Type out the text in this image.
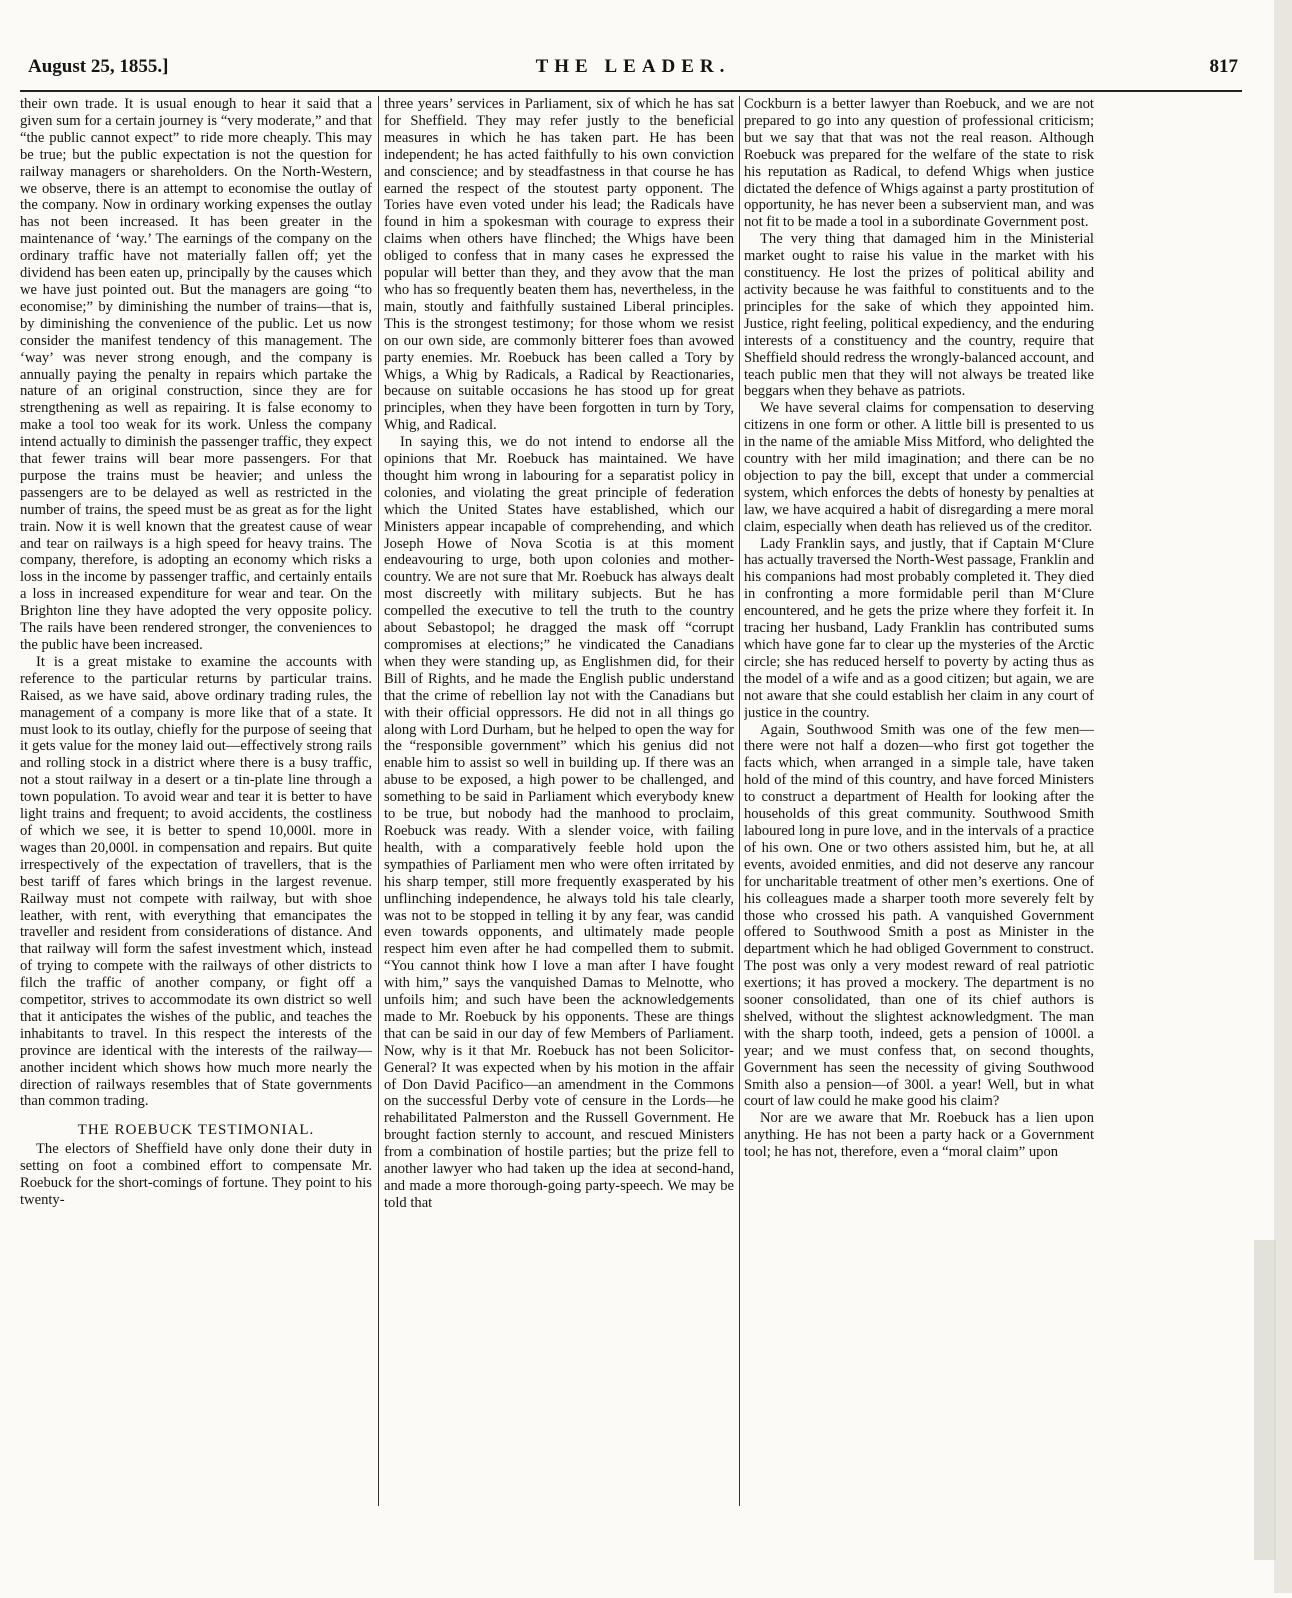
August 25, 1855.]	THE LEADER.	817

their own trade. It is usual enough to hear it said that a given sum for a certain journey is “very moderate,” and that “the public cannot expect” to ride more cheaply. This may be true; but the public expectation is not the question for railway managers or shareholders. On the North-Western, we observe, there is an attempt to economise the outlay of the company. Now in ordinary working expenses the outlay has not been increased. It has been greater in the maintenance of ‘way.’ The earnings of the company on the ordinary traffic have not materially fallen off; yet the dividend has been eaten up, principally by the causes which we have just pointed out. But the managers are going “to economise;” by diminishing the number of trains—that is, by diminishing the convenience of the public. Let us now consider the manifest tendency of this management. The ‘way’ was never strong enough, and the company is annually paying the penalty in repairs which partake the nature of an original construction, since they are for strengthening as well as repairing. It is false economy to make a tool too weak for its work. Unless the company intend actually to diminish the passenger traffic, they expect that fewer trains will bear more passengers. For that purpose the trains must be heavier; and unless the passengers are to be delayed as well as restricted in the number of trains, the speed must be as great as for the light train. Now it is well known that the greatest cause of wear and tear on railways is a high speed for heavy trains. The company, therefore, is adopting an economy which risks a loss in the income by passenger traffic, and certainly entails a loss in increased expenditure for wear and tear. On the Brighton line they have adopted the very opposite policy. The rails have been rendered stronger, the conveniences to the public have been increased.

It is a great mistake to examine the accounts with reference to the particular returns by particular trains. Raised, as we have said, above ordinary trading rules, the management of a company is more like that of a state. It must look to its outlay, chiefly for the purpose of seeing that it gets value for the money laid out—effectively strong rails and rolling stock in a district where there is a busy traffic, not a stout railway in a desert or a tin-plate line through a town population. To avoid wear and tear it is better to have light trains and frequent; to avoid accidents, the costliness of which we see, it is better to spend 10,000l. more in wages than 20,000l. in compensation and repairs. But quite irrespectively of the expectation of travellers, that is the best tariff of fares which brings in the largest revenue. Railway must not compete with railway, but with shoe leather, with rent, with everything that emancipates the traveller and resident from considerations of distance. And that railway will form the safest investment which, instead of trying to compete with the railways of other districts to filch the traffic of another company, or fight off a competitor, strives to accommodate its own district so well that it anticipates the wishes of the public, and teaches the inhabitants to travel. In this respect the interests of the province are identical with the interests of the railway—another incident which shows how much more nearly the direction of railways resembles that of State governments than common trading.

THE ROEBUCK TESTIMONIAL.

The electors of Sheffield have only done their duty in setting on foot a combined effort to compensate Mr. Roebuck for the short-comings of fortune. They point to his twenty-

three years’ services in Parliament, six of which he has sat for Sheffield. They may refer justly to the beneficial measures in which he has taken part. He has been independent; he has acted faithfully to his own conviction and conscience; and by steadfastness in that course he has earned the respect of the stoutest party opponent. The Tories have even voted under his lead; the Radicals have found in him a spokesman with courage to express their claims when others have flinched; the Whigs have been obliged to confess that in many cases he expressed the popular will better than they, and they avow that the man who has so frequently beaten them has, nevertheless, in the main, stoutly and faithfully sustained Liberal principles. This is the strongest testimony; for those whom we resist on our own side, are commonly bitterer foes than avowed party enemies. Mr. Roebuck has been called a Tory by Whigs, a Whig by Radicals, a Radical by Reactionaries, because on suitable occasions he has stood up for great principles, when they have been forgotten in turn by Tory, Whig, and Radical.

In saying this, we do not intend to endorse all the opinions that Mr. Roebuck has maintained. We have thought him wrong in labouring for a separatist policy in colonies, and violating the great principle of federation which the United States have established, which our Ministers appear incapable of comprehending, and which Joseph Howe of Nova Scotia is at this moment endeavouring to urge, both upon colonies and mother-country. We are not sure that Mr. Roebuck has always dealt most discreetly with military subjects. But he has compelled the executive to tell the truth to the country about Sebastopol; he dragged the mask off “corrupt compromises at elections;” he vindicated the Canadians when they were standing up, as Englishmen did, for their Bill of Rights, and he made the English public understand that the crime of rebellion lay not with the Canadians but with their official oppressors. He did not in all things go along with Lord Durham, but he helped to open the way for the “responsible government” which his genius did not enable him to assist so well in building up. If there was an abuse to be exposed, a high power to be challenged, and something to be said in Parliament which everybody knew to be true, but nobody had the manhood to proclaim, Roebuck was ready. With a slender voice, with failing health, with a comparatively feeble hold upon the sympathies of Parliament men who were often irritated by his sharp temper, still more frequently exasperated by his unflinching independence, he always told his tale clearly, was not to be stopped in telling it by any fear, was candid even towards opponents, and ultimately made people respect him even after he had compelled them to submit. “You cannot think how I love a man after I have fought with him,” says the vanquished Damas to Melnotte, who unfoils him; and such have been the acknowledgements made to Mr. Roebuck by his opponents. These are things that can be said in our day of few Members of Parliament. Now, why is it that Mr. Roebuck has not been Solicitor-General? It was expected when by his motion in the affair of Don David Pacifico—an amendment in the Commons on the successful Derby vote of censure in the Lords—he rehabilitated Palmerston and the Russell Government. He brought faction sternly to account, and rescued Ministers from a combination of hostile parties; but the prize fell to another lawyer who had taken up the idea at second-hand, and made a more thorough-going party-speech. We may be told that

Cockburn is a better lawyer than Roebuck, and we are not prepared to go into any question of professional criticism; but we say that that was not the real reason. Although Roebuck was prepared for the welfare of the state to risk his reputation as Radical, to defend Whigs when justice dictated the defence of Whigs against a party prostitution of opportunity, he has never been a subservient man, and was not fit to be made a tool in a subordinate Government post.

The very thing that damaged him in the Ministerial market ought to raise his value in the market with his constituency. He lost the prizes of political ability and activity because he was faithful to constituents and to the principles for the sake of which they appointed him. Justice, right feeling, political expediency, and the enduring interests of a constituency and the country, require that Sheffield should redress the wrongly-balanced account, and teach public men that they will not always be treated like beggars when they behave as patriots.

We have several claims for compensation to deserving citizens in one form or other. A little bill is presented to us in the name of the amiable Miss Mitford, who delighted the country with her mild imagination; and there can be no objection to pay the bill, except that under a commercial system, which enforces the debts of honesty by penalties at law, we have acquired a habit of disregarding a mere moral claim, especially when death has relieved us of the creditor.

Lady Franklin says, and justly, that if Captain M‘Clure has actually traversed the North-West passage, Franklin and his companions had most probably completed it. They died in confronting a more formidable peril than M‘Clure encountered, and he gets the prize where they forfeit it. In tracing her husband, Lady Franklin has contributed sums which have gone far to clear up the mysteries of the Arctic circle; she has reduced herself to poverty by acting thus as the model of a wife and as a good citizen; but again, we are not aware that she could establish her claim in any court of justice in the country.

Again, Southwood Smith was one of the few men—there were not half a dozen—who first got together the facts which, when arranged in a simple tale, have taken hold of the mind of this country, and have forced Ministers to construct a department of Health for looking after the households of this great community. Southwood Smith laboured long in pure love, and in the intervals of a practice of his own. One or two others assisted him, but he, at all events, avoided enmities, and did not deserve any rancour for uncharitable treatment of other men’s exertions. One of his colleagues made a sharper tooth more severely felt by those who crossed his path. A vanquished Government offered to Southwood Smith a post as Minister in the department which he had obliged Government to construct. The post was only a very modest reward of real patriotic exertions; it has proved a mockery. The department is no sooner consolidated, than one of its chief authors is shelved, without the slightest acknowledgment. The man with the sharp tooth, indeed, gets a pension of 1000l. a year; and we must confess that, on second thoughts, Government has seen the necessity of giving Southwood Smith also a pension—of 300l. a year! Well, but in what court of law could he make good his claim?

Nor are we aware that Mr. Roebuck has a lien upon anything. He has not been a party hack or a Government tool; he has not, therefore, even a “moral claim” upon
